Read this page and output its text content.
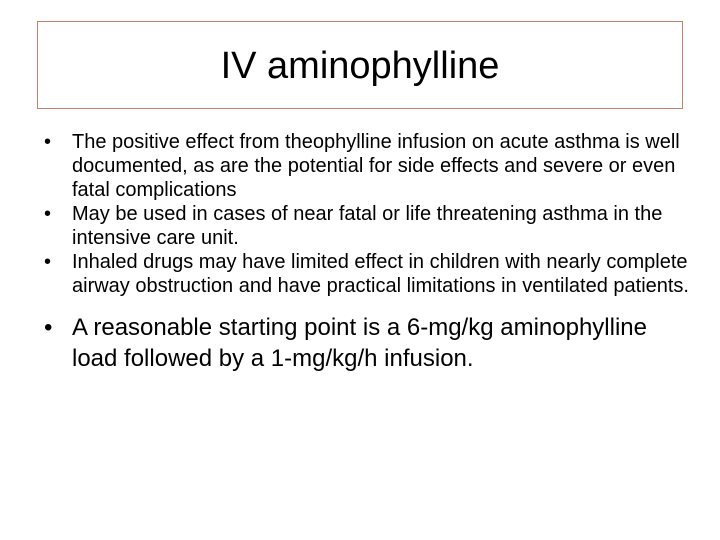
IV aminophylline
• The positive effect from theophylline infusion on acute asthma is well documented, as are the potential for side effects and severe or even fatal complications
• May be used in cases of near fatal or life threatening asthma in the intensive care unit.
• Inhaled drugs may have limited effect in children with nearly complete airway obstruction and have practical limitations in ventilated patients.
• A reasonable starting point is a 6-mg/kg aminophylline load followed by a 1-mg/kg/h infusion.
